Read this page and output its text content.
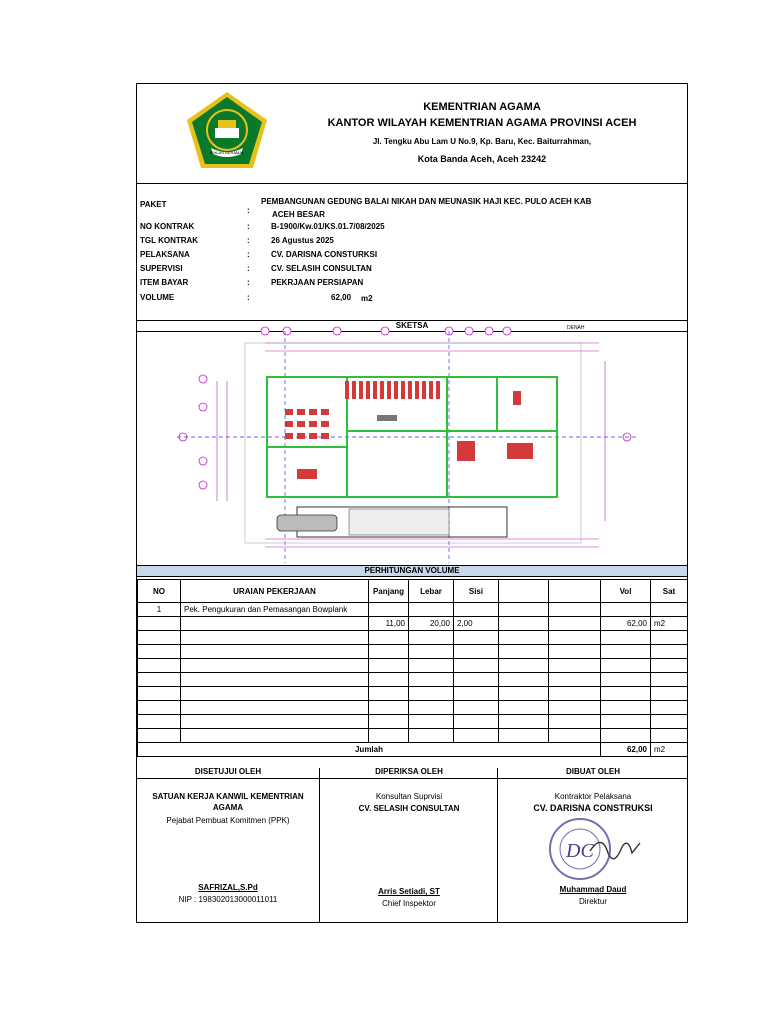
IKHLAS BERAMAL
KEMENTRIAN AGAMA
KANTOR WILAYAH KEMENTRIAN AGAMA PROVINSI ACEH
Jl. Tengku Abu Lam U No.9, Kp. Baru, Kec. Baiturrahman,
Kota Banda Aceh, Aceh 23242
PAKET
:
PEMBANGUNAN GEDUNG BALAI NIKAH DAN MEUNASIK HAJI KEC. PULO ACEH KAB
ACEH BESAR
NO KONTRAK	:	B-1900/Kw.01/KS.01.7/08/2025
TGL KONTRAK	:	26 Agustus 2025
PELAKSANA	:	CV. DARISNA CONSTURKSI
SUPERVISI	:	CV. SELASIH CONSULTAN
ITEM BAYAR	:	PEKRJAAN PERSIAPAN
VOLUME	:	62,00 m2
SKETSA	DENAH
PERHITUNGAN VOLUME
NO	URAIAN PEKERJAAN	Panjang	Lebar	Sisi			Vol	Sat
1	Pek. Pengukuran dan Pemasangan Bowplank							
		11,00	20,00	2,00			62,00	m2

Jumlah							62,00	m2
DISETUJUI OLEH
SATUAN KERJA KANWIL KEMENTRIAN
AGAMA
Pejabat Pembuat Komitmen (PPK)
SAFRIZAL,S.Pd
NIP : 198302013000011011
DIPERIKSA OLEH
Konsultan Suprvisi
CV. SELASIH CONSULTAN
Arris Setiadi, ST
Chief Inspektor
DIBUAT OLEH
Kontraktor Pelaksana
CV. DARISNA CONSTRUKSI
DC
Muhammad Daud
Direktur
